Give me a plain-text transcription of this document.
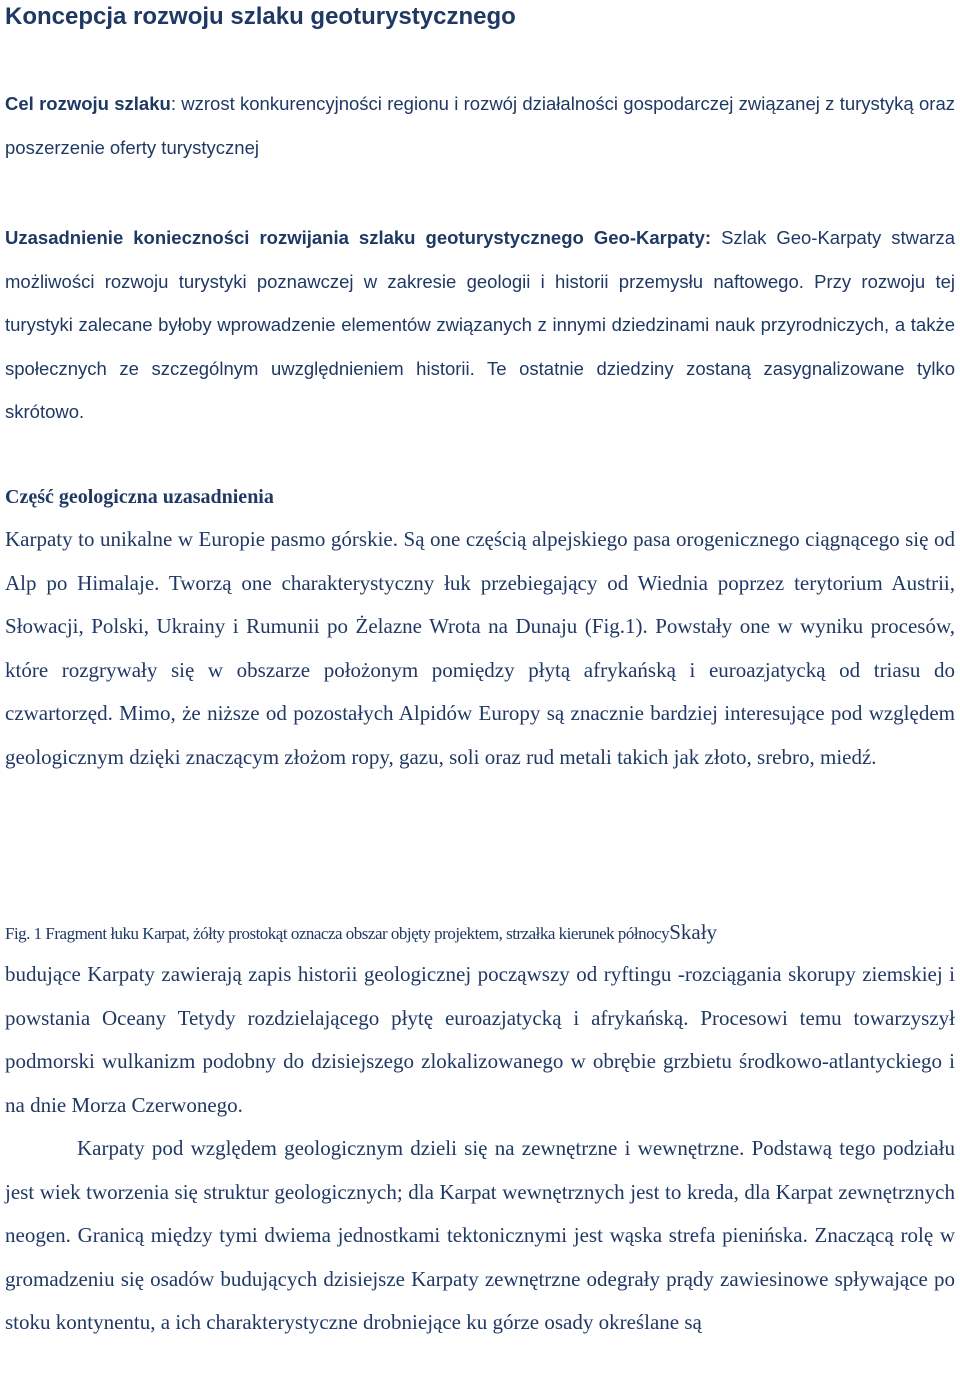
Koncepcja rozwoju szlaku geoturystycznego

Cel rozwoju szlaku: wzrost konkurencyjności regionu i rozwój działalności gospodarczej związanej z turystyką oraz poszerzenie oferty turystycznej

Uzasadnienie konieczności rozwijania szlaku geoturystycznego Geo-Karpaty: Szlak Geo-Karpaty stwarza możliwości rozwoju turystyki poznawczej w zakresie geologii i historii przemysłu naftowego. Przy rozwoju tej turystyki zalecane byłoby wprowadzenie elementów związanych z innymi dziedzinami nauk przyrodniczych, a także społecznych ze szczególnym uwzględnieniem historii. Te ostatnie dziedziny zostaną zasygnalizowane tylko skrótowo.

Część geologiczna uzasadnienia

Karpaty to unikalne w Europie pasmo górskie. Są one częścią alpejskiego pasa orogenicznego ciągnącego się od Alp po Himalaje. Tworzą one charakterystyczny łuk przebiegający od Wiednia poprzez terytorium Austrii, Słowacji, Polski, Ukrainy i Rumunii po Żelazne Wrota na Dunaju (Fig.1). Powstały one w wyniku procesów, które rozgrywały się w obszarze położonym pomiędzy płytą afrykańską i euroazjatycką od triasu do czwartorzęd. Mimo, że niższe od pozostałych Alpidów Europy są znacznie bardziej interesujące pod względem geologicznym dzięki znaczącym złożom ropy, gazu, soli oraz rud metali takich jak złoto, srebro, miedź.

Fig. 1 Fragment łuku Karpat, żółty prostokąt oznacza obszar objęty projektem, strzałka kierunek północySkały

budujące Karpaty zawierają zapis historii geologicznej począwszy od ryftingu -rozciągania skorupy ziemskiej i powstania Oceany Tetydy rozdzielającego płytę euroazjatycką i afrykańską. Procesowi temu towarzyszył podmorski wulkanizm podobny do dzisiejszego zlokalizowanego w obrębie grzbietu środkowo-atlantyckiego i na dnie Morza Czerwonego.

Karpaty pod względem geologicznym dzieli się na zewnętrzne i wewnętrzne. Podstawą tego podziału jest wiek tworzenia się struktur geologicznych; dla Karpat wewnętrznych jest to kreda, dla Karpat zewnętrznych neogen. Granicą między tymi dwiema jednostkami tektonicznymi jest wąska strefa pienińska. Znaczącą rolę w gromadzeniu się osadów budujących dzisiejsze Karpaty zewnętrzne odegrały prądy zawiesinowe spływające po stoku kontynentu, a ich charakterystyczne drobniejące ku górze osady określane są
